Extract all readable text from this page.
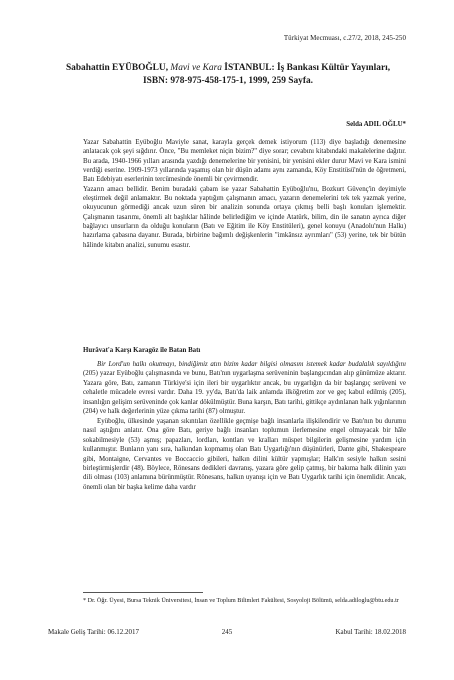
Türkiyat Mecmuası, c.27/2, 2018, 245-250
Sabahattin EYÜBOĞLU, Mavi ve Kara İSTANBUL: İş Bankası Kültür Yayınları, ISBN: 978-975-458-175-1, 1999, 259 Sayfa.
Selda ADIL OĞLU*

Yazar Sabahattin Eyüboğlu Maviyle sanat, karayla gerçek demek istiyorum (113) diye başladığı denemesine anlatacak çok şeyi sığdırır. Önce, "Bu memleket niçin bizim?" diye sorar; cevabını kitabındaki makalelerine dağıtır. Bu arada, 1940-1966 yılları arasında yazdığı denemelerine bir yenisini, bir yenisini ekler durur Mavi ve Kara ismini verdiği eserine. 1909-1973 yıllarında yaşamış olan bir düşün adamı aynı zamanda, Köy Enstitüsü'nün de öğretmeni, Batı Edebiyatı eserlerinin tercümesinde önemli bir çevirmendir.

Yazarın amacı bellidir. Benim buradaki çabam ise yazar Sabahattin Eyüboğlu'nu, Bozkurt Güvenç'in deyimiyle eleştirmek değil anlamaktır. Bu noktada yaptığım çalışmanın amacı, yazarın denemelerini tek tek yazmak yerine, okuyucunun görmediği ancak uzun süren bir analizin sonunda ortaya çıkmış belli başlı konuları işlemektir. Çalışmanın tasarımı, önemli alt başlıklar hâlinde belirlediğim ve içinde Atatürk, bilim, din ile sanatın ayrıca diğer bağlayıcı unsurların da olduğu konuların (Batı ve Eğitim ile Köy Enstitüleri), genel konuyu (Anadolu'nun Halkı) hazırlama çabasına dayanır. Burada, birbirine bağımlı değişkenlerin "imkânsız ayrımları" (53) yerine, tek bir bütün hâlinde kitabın analizi, sunumu esastır.

Hurâvat'a Karşı Karagöz ile Batan Batı

Bir Lord'un halkı okutmayı, bindiğimiz atın bizim kadar bilgisi olmasını istemek kadar budalalık sayıldığını (205) yazar Eyüboğlu çalışmasında ve bunu, Batı'nın uygarlaşma serüveninin başlangıcından alıp günümüze aktarır. Yazara göre, Batı, zamanın Türkiye'si için ileri bir uygarlıktır ancak, bu uygarlığın da bir başlangıç serüveni ve cehaletle mücadele evresi vardır. Daha 19. yy'da, Batı'da laik anlamda ilköğretim zor ve geç kabul edilmiş (205), insanlığın gelişim serüveninde çok kanlar dökülmüştür. Buna karşın, Batı tarihi, gittikçe aydınlanan halk yığınlarının (204) ve halk değerlerinin yüze çıkma tarihi (87) olmuştur.

Eyüboğlu, ülkesinde yaşanan sıkıntıları özellikle geçmişe bağlı insanlarla ilişkilendirir ve Batı'nın bu durumu nasıl aştığını anlatır. Ona göre Batı, geriye bağlı insanları toplumun ilerlemesine engel olmayacak bir hâle sokabilmesiyle (53) aşmış; papazları, lordları, kontları ve kralları müspet bilgilerin gelişmesine yardım için kullanmıştır. Bunların yanı sıra, halkından kopmamış olan Batı Uygarlığı'nın düşünürleri, Dante gibi, Shakespeare gibi, Montaigne, Cervantes ve Boccaccio gibileri, halkın dilini kültür yapmışlar; Halk'ın sesiyle halkın sesini birleştirmişlerdir (48). Böylece, Rönesans dedikleri davranış, yazara göre gelip çatmış, bir bakıma halk dilinin yazı dili olması (103) anlamına bürünmüştür. Rönesans, halkın uyanışı için ve Batı Uygarlık tarihi için önemlidir. Ancak, önemli olan bir başka kelime daha vardır

* Dr. Öğr. Üyesi, Bursa Teknik Üniversitesi, İnsan ve Toplum Bilimleri Fakültesi, Sosyoloji Bölümü, selda.adiloglu@btu.edu.tr
Makale Geliş Tarihi: 06.12.2017	245	Kabul Tarihi: 18.02.2018
